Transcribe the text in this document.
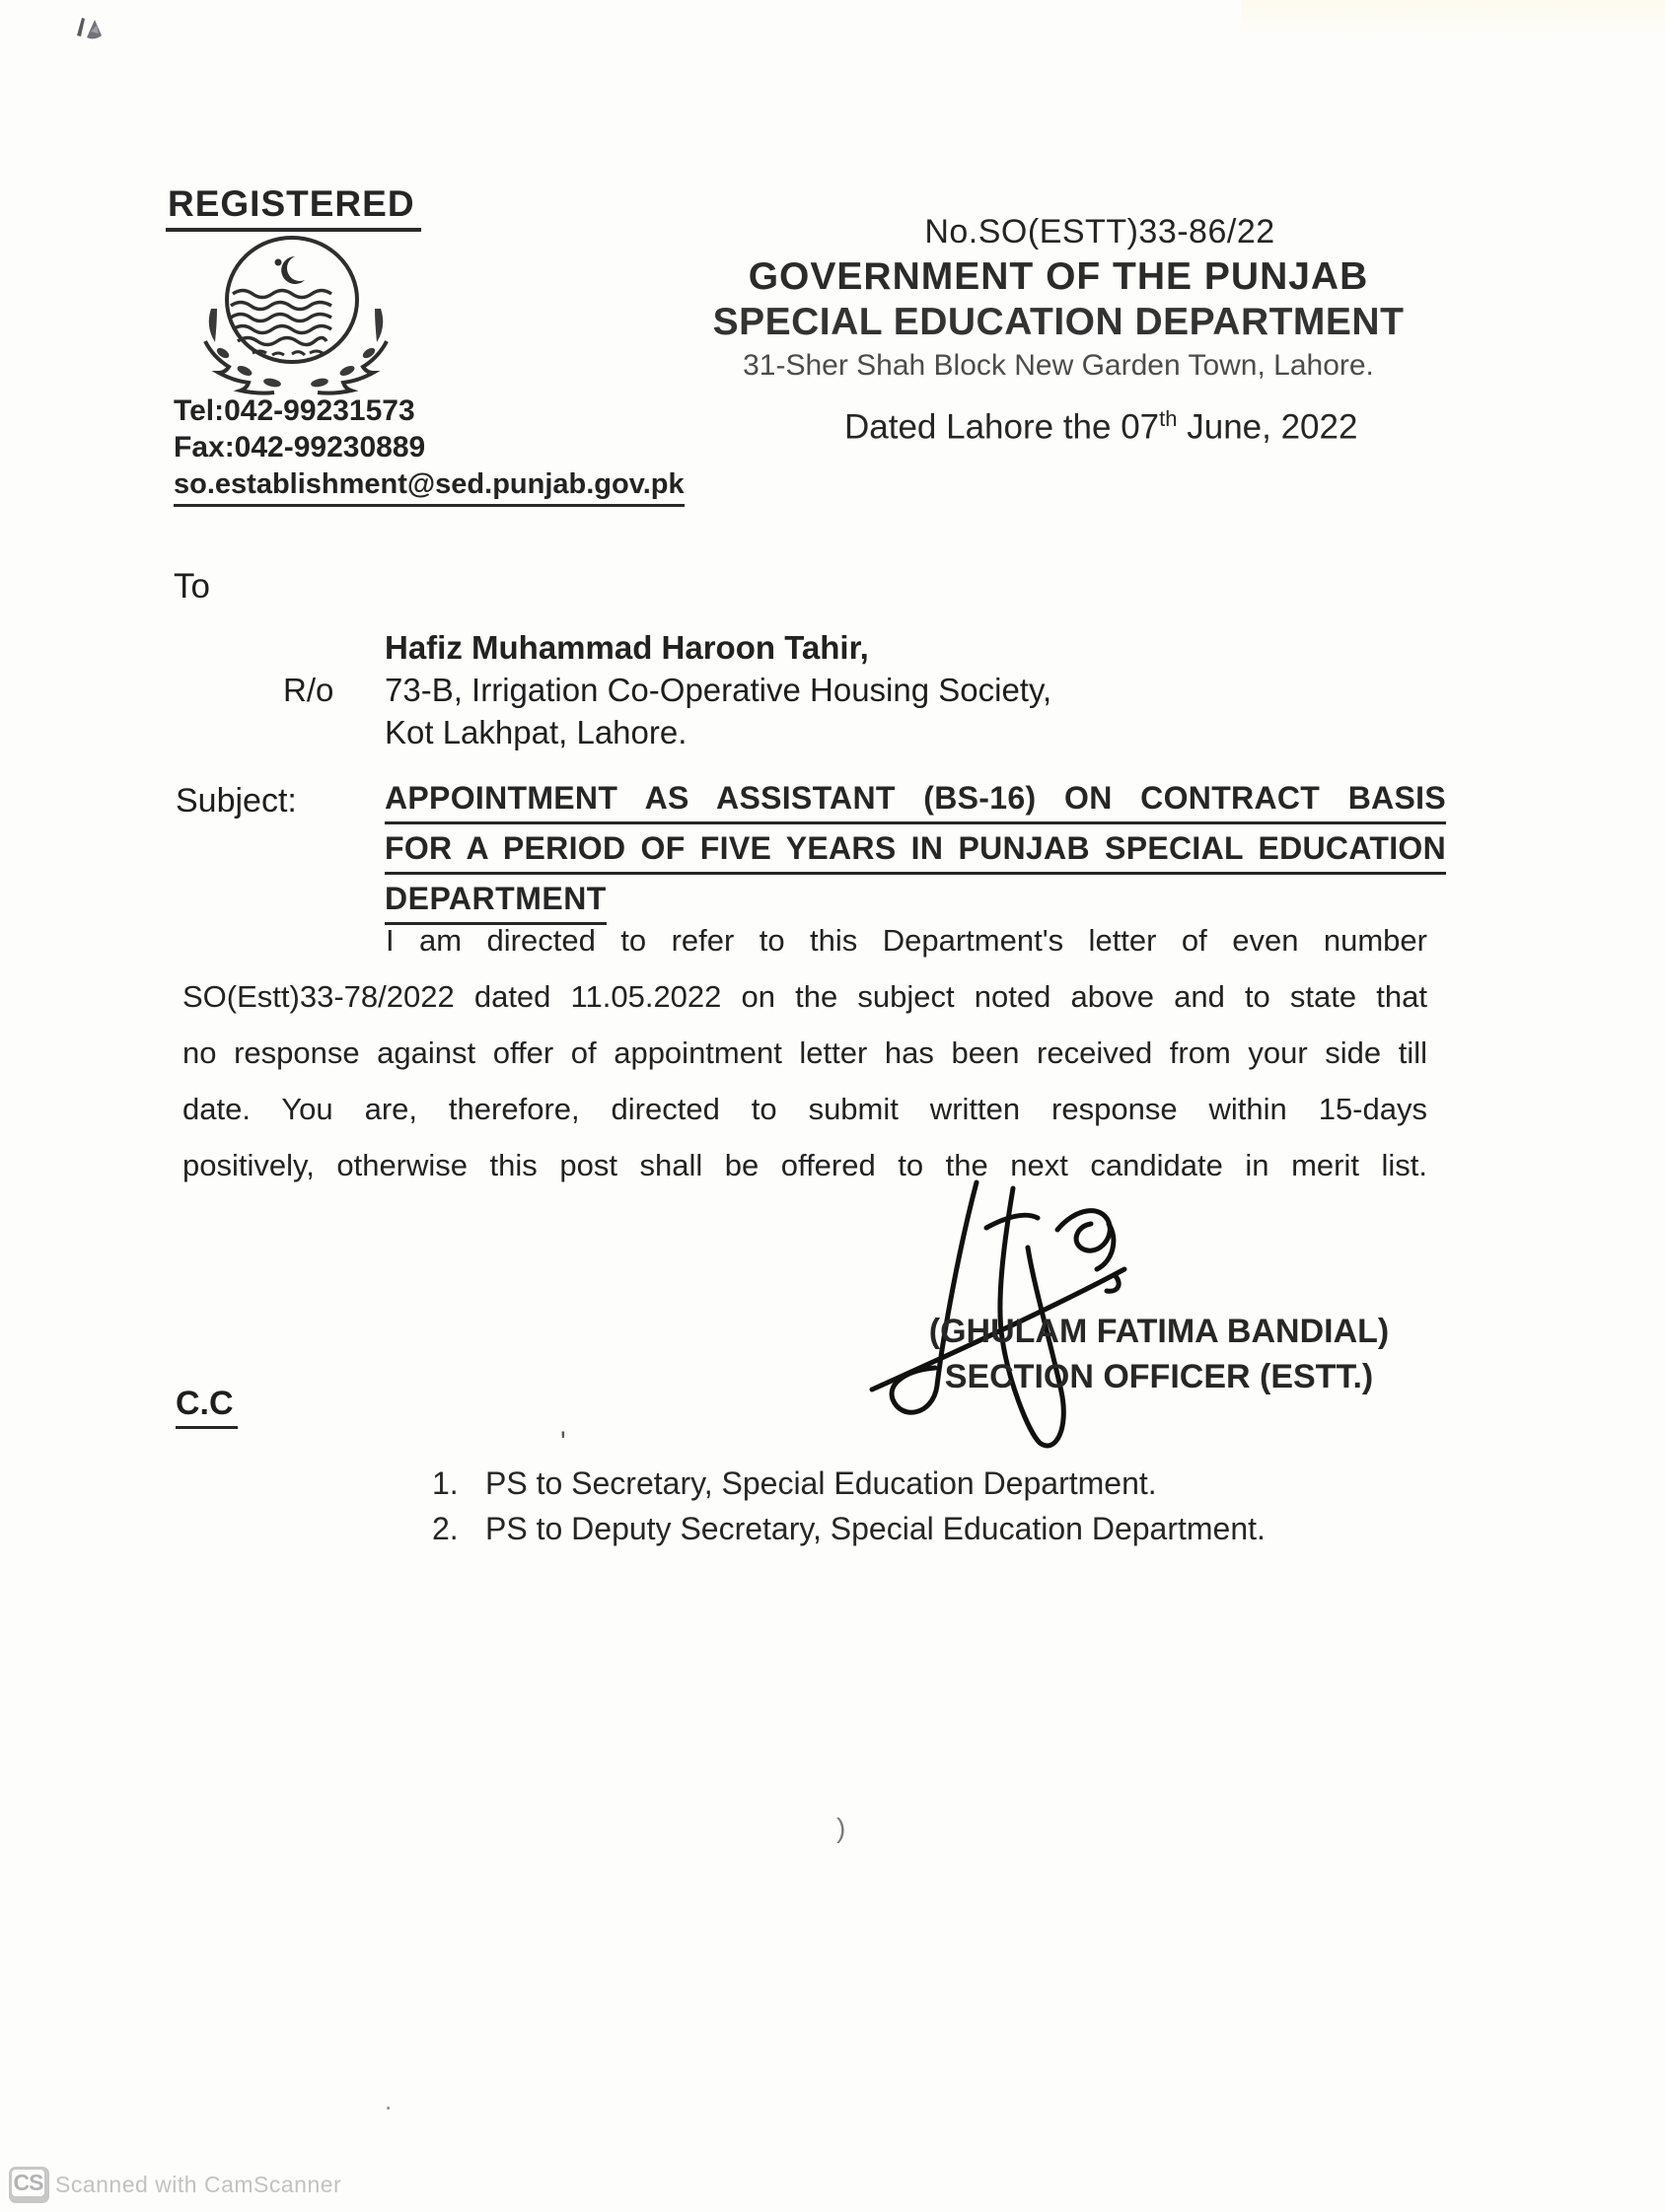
REGISTERED
Tel:042-99231573
Fax:042-99230889
so.establishment@sed.punjab.gov.pk
No.SO(ESTT)33-86/22
GOVERNMENT OF THE PUNJAB
SPECIAL EDUCATION DEPARTMENT
31-Sher Shah Block New Garden Town, Lahore.
Dated Lahore the 07th June, 2022
To
Hafiz Muhammad Haroon Tahir,
R/o 73-B, Irrigation Co-Operative Housing Society,
Kot Lakhpat, Lahore.
Subject:	APPOINTMENT AS ASSISTANT (BS-16) ON CONTRACT BASIS
FOR A PERIOD OF FIVE YEARS IN PUNJAB SPECIAL EDUCATION
DEPARTMENT
I am directed to refer to this Department's letter of even number
SO(Estt)33-78/2022 dated 11.05.2022 on the subject noted above and to state that
no response against offer of appointment letter has been received from your side till
date. You are, therefore, directed to submit written response within 15-days
positively, otherwise this post shall be offered to the next candidate in merit list.
(GHULAM FATIMA BANDIAL)
SECTION OFFICER (ESTT.)
C.C
1. PS to Secretary, Special Education Department.
2. PS to Deputy Secretary, Special Education Department.
'
)
.
CS Scanned with CamScanner
